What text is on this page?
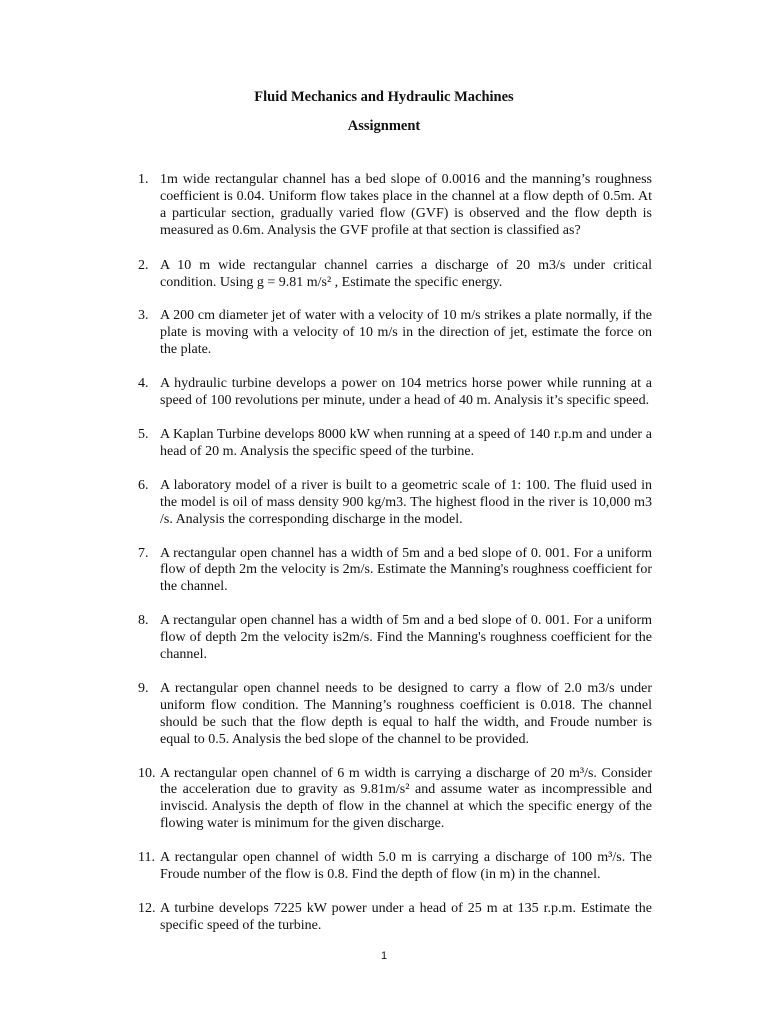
Fluid Mechanics and Hydraulic Machines
Assignment
1. 1m wide rectangular channel has a bed slope of 0.0016 and the manning’s roughness coefficient is 0.04. Uniform flow takes place in the channel at a flow depth of 0.5m. At a particular section, gradually varied flow (GVF) is observed and the flow depth is measured as 0.6m. Analysis the GVF profile at that section is classified as?
2. A 10 m wide rectangular channel carries a discharge of 20 m3/s under critical condition. Using g = 9.81 m/s² , Estimate the specific energy.
3. A 200 cm diameter jet of water with a velocity of 10 m/s strikes a plate normally, if the plate is moving with a velocity of 10 m/s in the direction of jet, estimate the force on the plate.
4. A hydraulic turbine develops a power on 104 metrics horse power while running at a speed of 100 revolutions per minute, under a head of 40 m. Analysis it’s specific speed.
5. A Kaplan Turbine develops 8000 kW when running at a speed of 140 r.p.m and under a head of 20 m. Analysis the specific speed of the turbine.
6. A laboratory model of a river is built to a geometric scale of 1: 100. The fluid used in the model is oil of mass density 900 kg/m3. The highest flood in the river is 10,000 m3 /s. Analysis the corresponding discharge in the model.
7. A rectangular open channel has a width of 5m and a bed slope of 0. 001. For a uniform flow of depth 2m the velocity is 2m/s. Estimate the Manning's roughness coefficient for the channel.
8. A rectangular open channel has a width of 5m and a bed slope of 0. 001. For a uniform flow of depth 2m the velocity is2m/s. Find the Manning's roughness coefficient for the channel.
9. A rectangular open channel needs to be designed to carry a flow of 2.0 m3/s under uniform flow condition. The Manning’s roughness coefficient is 0.018. The channel should be such that the flow depth is equal to half the width, and Froude number is equal to 0.5. Analysis the bed slope of the channel to be provided.
10. A rectangular open channel of 6 m width is carrying a discharge of 20 m³/s. Consider the acceleration due to gravity as 9.81m/s² and assume water as incompressible and inviscid. Analysis the depth of flow in the channel at which the specific energy of the flowing water is minimum for the given discharge.
11. A rectangular open channel of width 5.0 m is carrying a discharge of 100 m³/s. The Froude number of the flow is 0.8. Find the depth of flow (in m) in the channel.
12. A turbine develops 7225 kW power under a head of 25 m at 135 r.p.m. Estimate the specific speed of the turbine.
1
